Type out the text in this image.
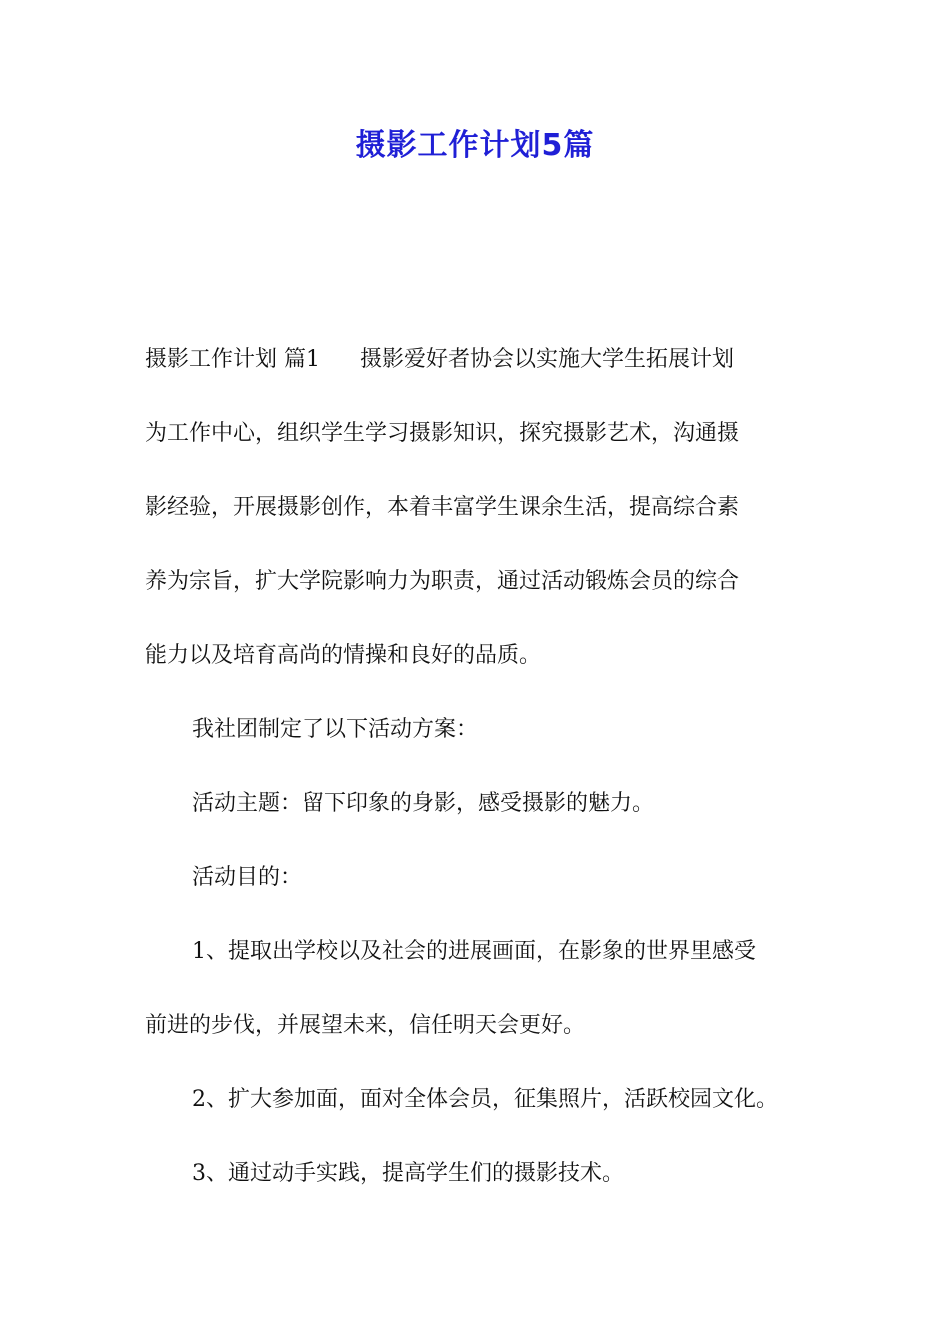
摄影工作计划5篇
摄影工作计划 篇1 摄影爱好者协会以实施大学生拓展计划
为工作中心，组织学生学习摄影知识，探究摄影艺术，沟通摄
影经验，开展摄影创作，本着丰富学生课余生活，提高综合素
养为宗旨，扩大学院影响力为职责，通过活动锻炼会员的综合
能力以及培育高尚的情操和良好的品质。
我社团制定了以下活动方案：
活动主题：留下印象的身影，感受摄影的魅力。
活动目的：
1、提取出学校以及社会的进展画面，在影象的世界里感受
前进的步伐，并展望未来，信任明天会更好。
2、扩大参加面，面对全体会员，征集照片，活跃校园文化。
3、通过动手实践，提高学生们的摄影技术。
